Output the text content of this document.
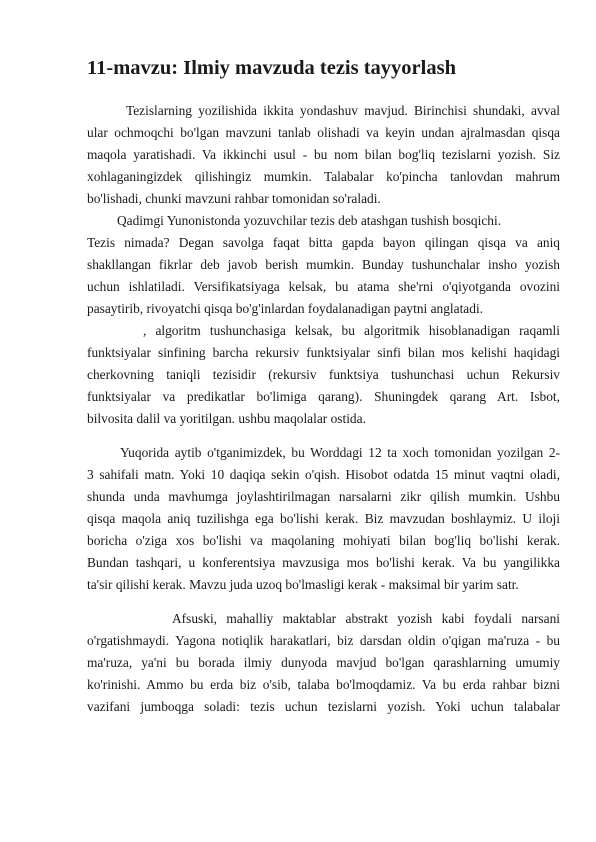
11-mavzu: Ilmiy mavzuda tezis tayyorlash
Tezislarning yozilishida ikkita yondashuv mavjud. Birinchisi shundaki, avval
ular ochmoqchi bo'lgan mavzuni tanlab olishadi va keyin undan ajralmasdan qisqa
maqola yaratishadi. Va ikkinchi usul - bu nom bilan bog'liq tezislarni yozish. Siz
xohlaganingizdek qilishingiz mumkin. Talabalar ko'pincha tanlovdan mahrum
bo'lishadi, chunki mavzuni rahbar tomonidan so'raladi.
Qadimgi Yunonistonda yozuvchilar tezis deb atashgan tushish bosqichi.
Tezis nimada? Degan savolga faqat bitta gapda bayon qilingan qisqa va aniq
shakllangan fikrlar deb javob berish mumkin. Bunday tushunchalar insho yozish
uchun ishlatiladi. Versifikatsiyaga kelsak, bu atama she'rni o'qiyotganda ovozini
pasaytirib, rivoyatchi qisqa bo'g'inlardan foydalanadigan paytni anglatadi.
, algoritm tushunchasiga kelsak, bu algoritmik hisoblanadigan raqamli
funktsiyalar sinfining barcha rekursiv funktsiyalar sinfi bilan mos kelishi haqidagi
cherkovning taniqli tezisidir (rekursiv funktsiya tushunchasi uchun Rekursiv
funktsiyalar va predikatlar bo'limiga qarang). Shuningdek qarang Art. Isbot,
bilvosita dalil va yoritilgan. ushbu maqolalar ostida.
Yuqorida aytib o'tganimizdek, bu Worddagi 12 ta xoch tomonidan yozilgan 2-
3 sahifali matn. Yoki 10 daqiqa sekin o'qish. Hisobot odatda 15 minut vaqtni oladi,
shunda unda mavhumga joylashtirilmagan narsalarni zikr qilish mumkin. Ushbu
qisqa maqola aniq tuzilishga ega bo'lishi kerak. Biz mavzudan boshlaymiz. U iloji
boricha o'ziga xos bo'lishi va maqolaning mohiyati bilan bog'liq bo'lishi kerak.
Bundan tashqari, u konferentsiya mavzusiga mos bo'lishi kerak. Va bu yangilikka
ta'sir qilishi kerak. Mavzu juda uzoq bo'lmasligi kerak - maksimal bir yarim satr.
Afsuski, mahalliy maktablar abstrakt yozish kabi foydali narsani
o'rgatishmaydi. Yagona notiqlik harakatlari, biz darsdan oldin o'qigan ma'ruza - bu
ma'ruza, ya'ni bu borada ilmiy dunyoda mavjud bo'lgan qarashlarning umumiy
ko'rinishi. Ammo bu erda biz o'sib, talaba bo'lmoqdamiz. Va bu erda rahbar bizni
vazifani jumboqga soladi: tezis uchun tezislarni yozish. Yoki uchun talabalar
